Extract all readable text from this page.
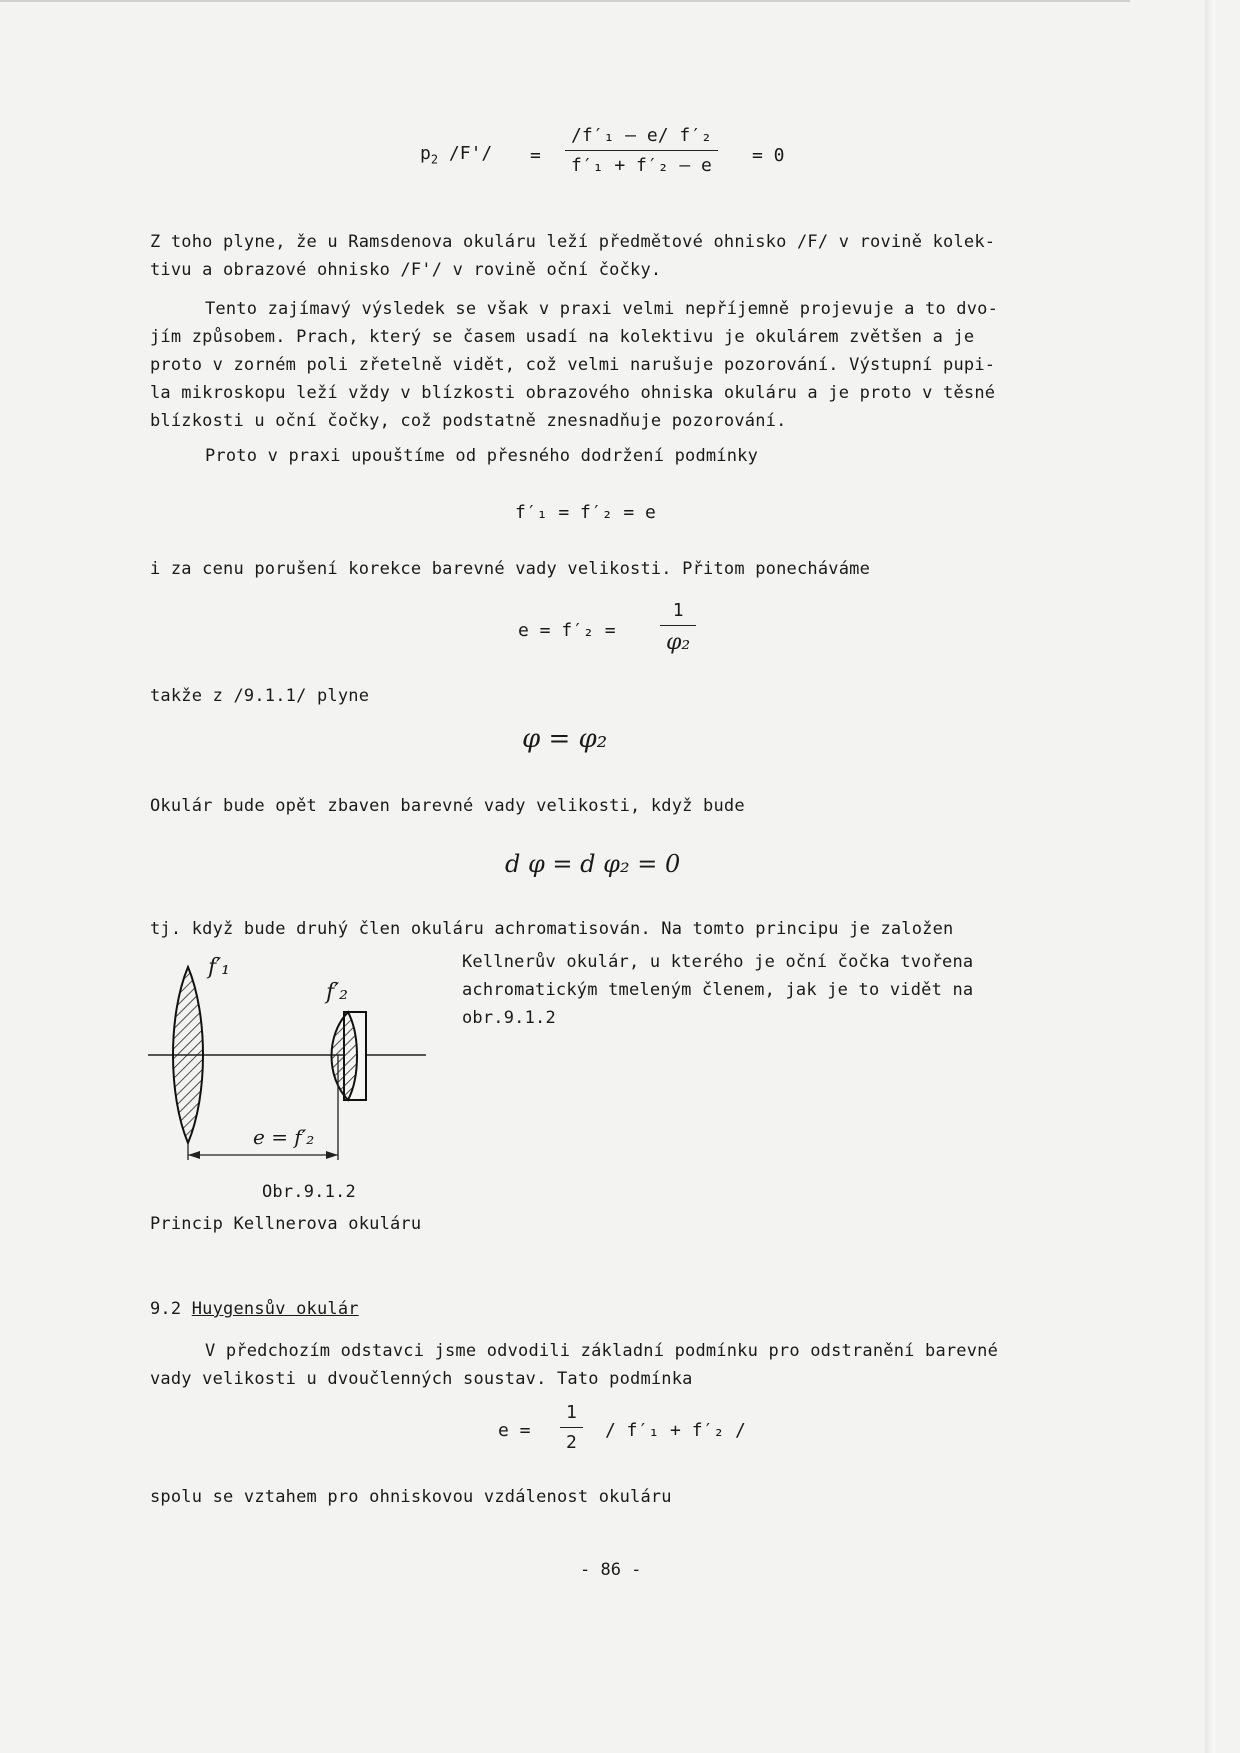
$p_2$ $/F'/ = \frac{\text{/f′₁ – e/ f′₂}}{\text{f′₁ + f′₂ – e}} = 0$
Z toho plyne, že u Ramsdenova okuláru leží předmětové ohnisko /F/ v rovině kolek-
tivu a obrazové ohnisko /F'/ v rovině oční čočky.
Tento zajímavý výsledek se však v praxi velmi nepříjemně projevuje a to dvo-
jím způsobem. Prach, který se časem usadí na kolektivu je okulárem zvětšen a je
proto v zorném poli zřetelně vidět, což velmi narušuje pozorování. Výstupní pupi-
la mikroskopu leží vždy v blízkosti obrazového ohniska okuláru a je proto v těsné
blízkosti u oční čočky, což podstatně znesnadňuje pozorování.
Proto v praxi upouštíme od přesného dodržení podmínky
f′₁ = f′₂ = e
i za cenu porušení korekce barevné vady velikosti. Přitom ponecháváme
e = f′₂ =
1
φ₂
takže z /9.1.1/ plyne
φ = φ₂
Okulár bude opět zbaven barevné vady velikosti, když bude
d φ = d φ₂ = 0
tj. když bude druhý člen okuláru achromatisován. Na tomto principu je založen
Kellnerův okulár, u kterého je oční čočka tvořena
achromatickým tmeleným členem, jak je to vidět na
obr.9.1.2
f′₁
f′₂
e = f′₂
Obr.9.1.2
Princip Kellnerova okuláru
9.2 Huygensův okulár
V předchozím odstavci jsme odvodili základní podmínku pro odstranění barevné
vady velikosti u dvoučlenných soustav. Tato podmínka
$e = \frac{1}{2} / f'_1 + f'_2$ /
spolu se vztahem pro ohniskovou vzdálenost okuláru
- 86 -
